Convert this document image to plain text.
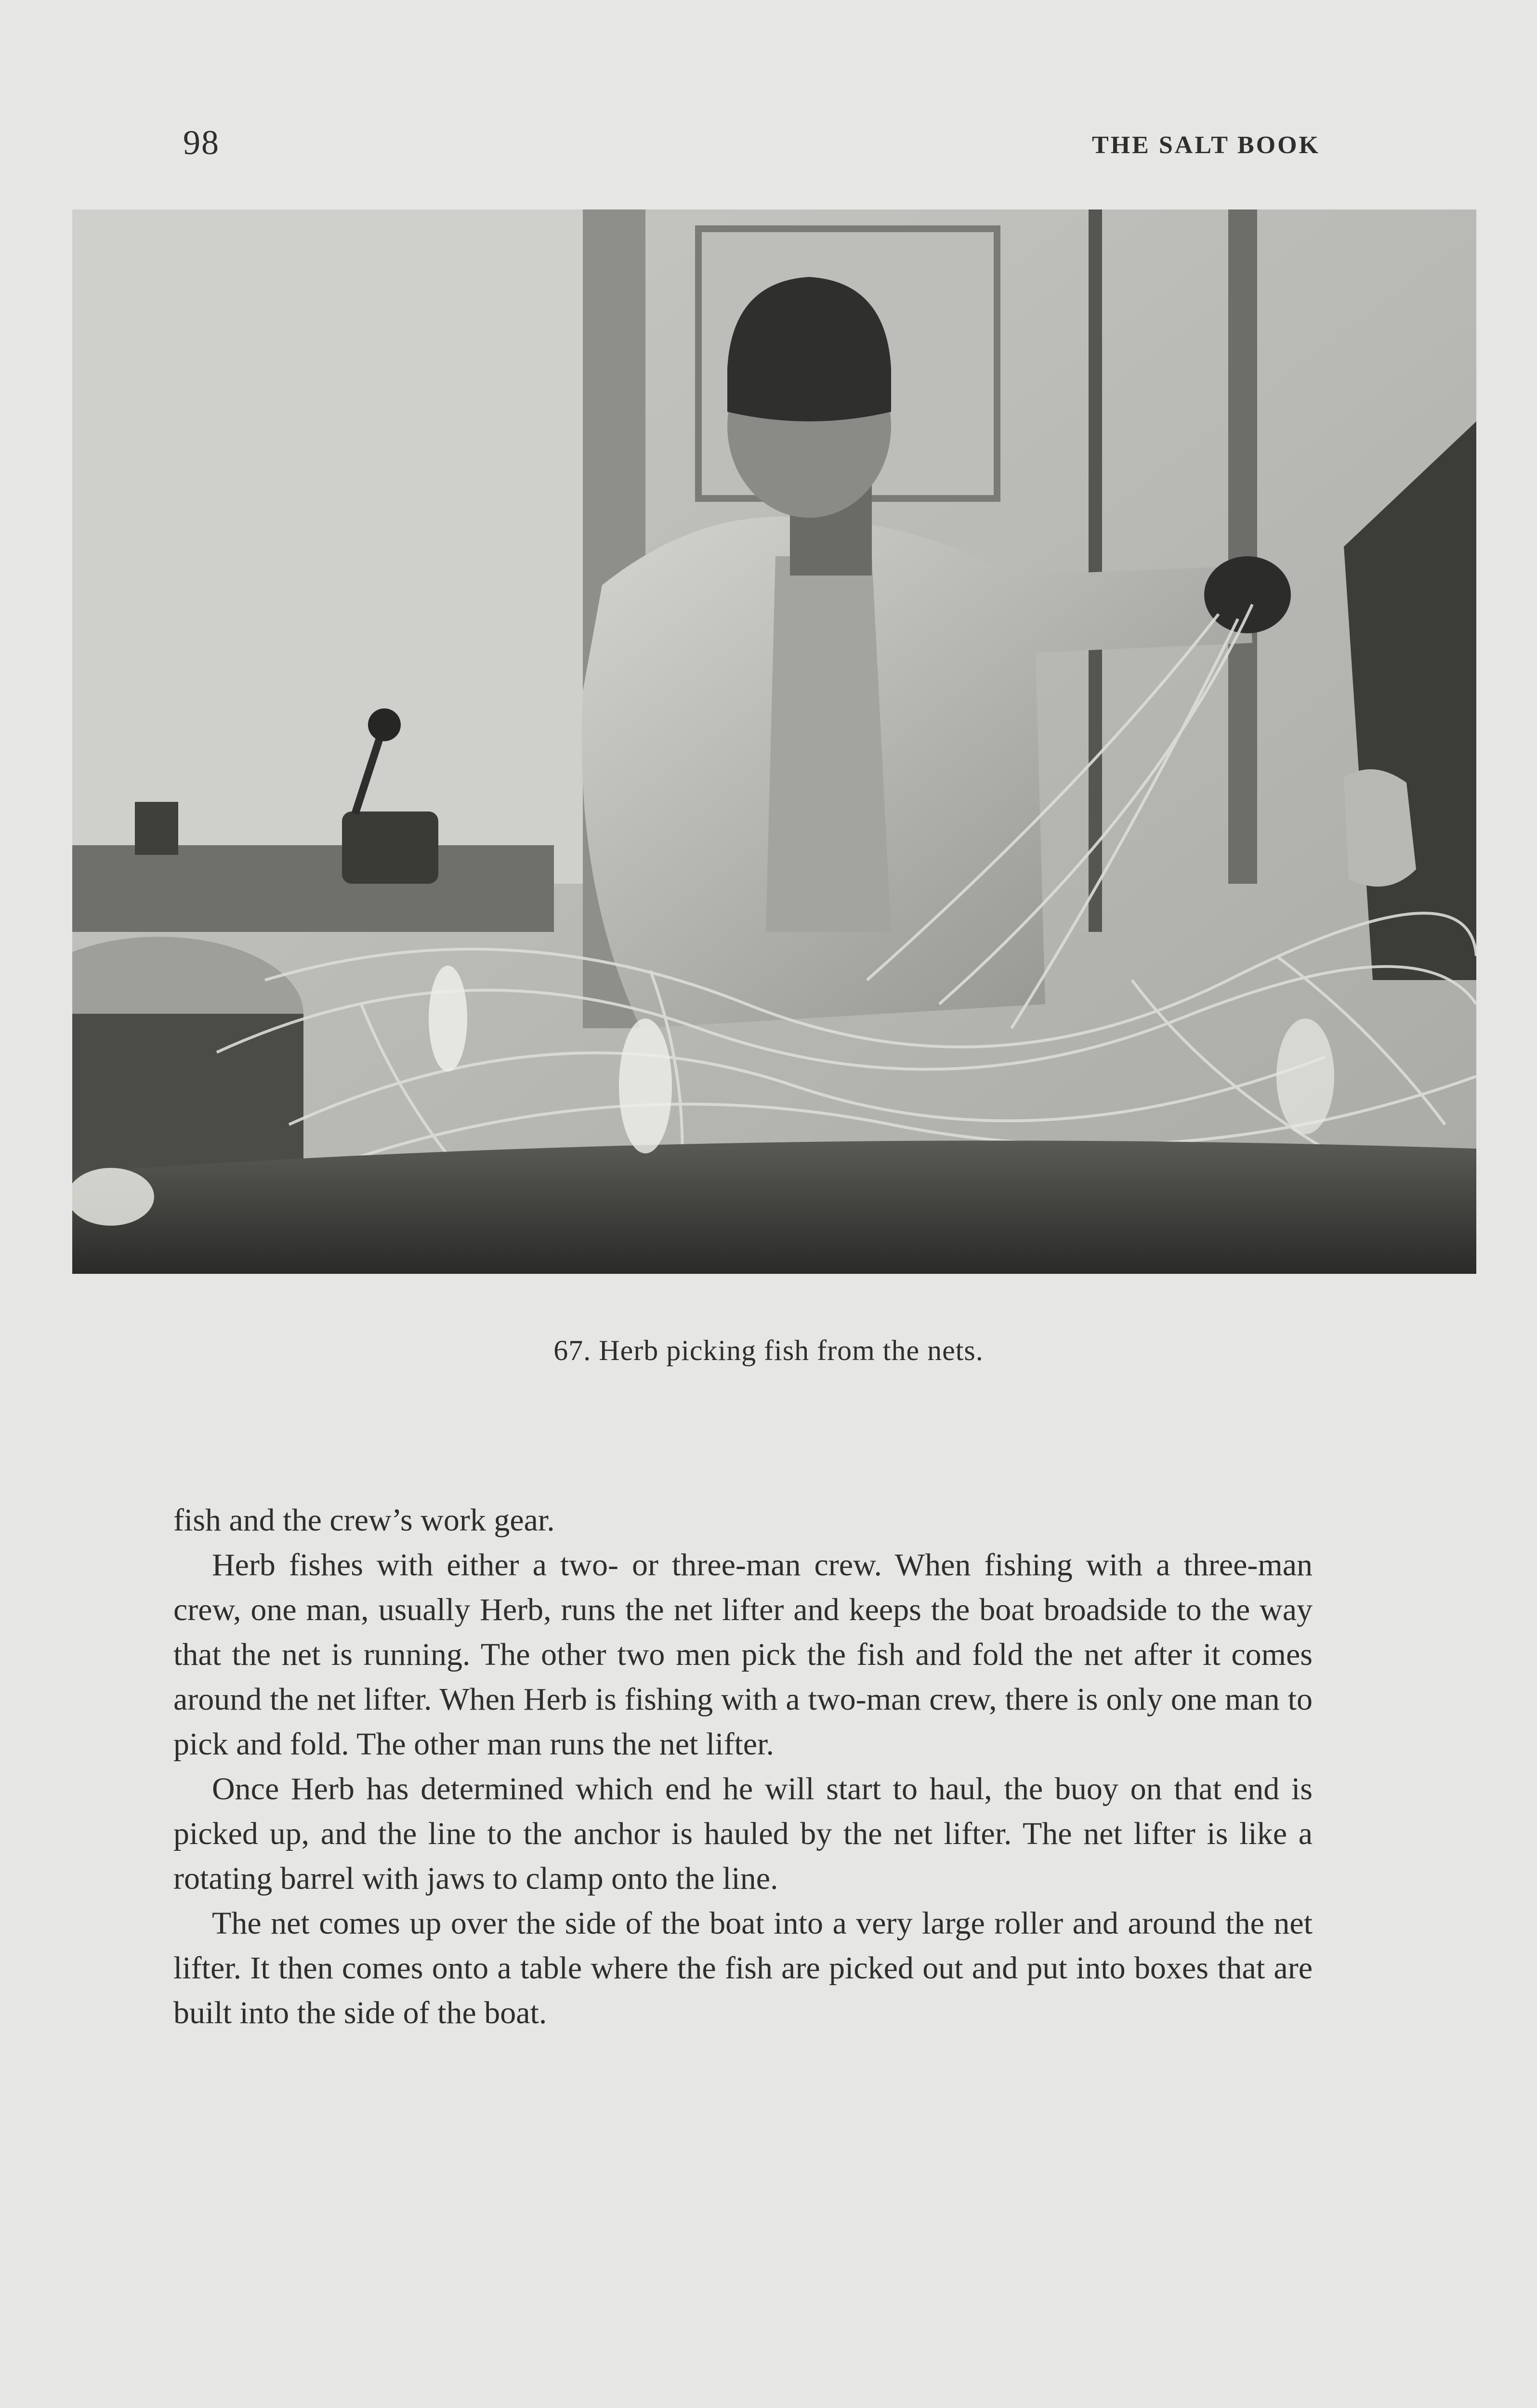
98	THE SALT BOOK
67. Herb picking fish from the nets.

fish and the crew’s work gear.

Herb fishes with either a two- or three-man crew. When fishing with a three-man crew, one man, usually Herb, runs the net lifter and keeps the boat broadside to the way that the net is running. The other two men pick the fish and fold the net after it comes around the net lifter. When Herb is fishing with a two-man crew, there is only one man to pick and fold. The other man runs the net lifter.

Once Herb has determined which end he will start to haul, the buoy on that end is picked up, and the line to the anchor is hauled by the net lifter. The net lifter is like a rotating barrel with jaws to clamp onto the line.

The net comes up over the side of the boat into a very large roller and around the net lifter. It then comes onto a table where the fish are picked out and put into boxes that are built into the side of the boat.
